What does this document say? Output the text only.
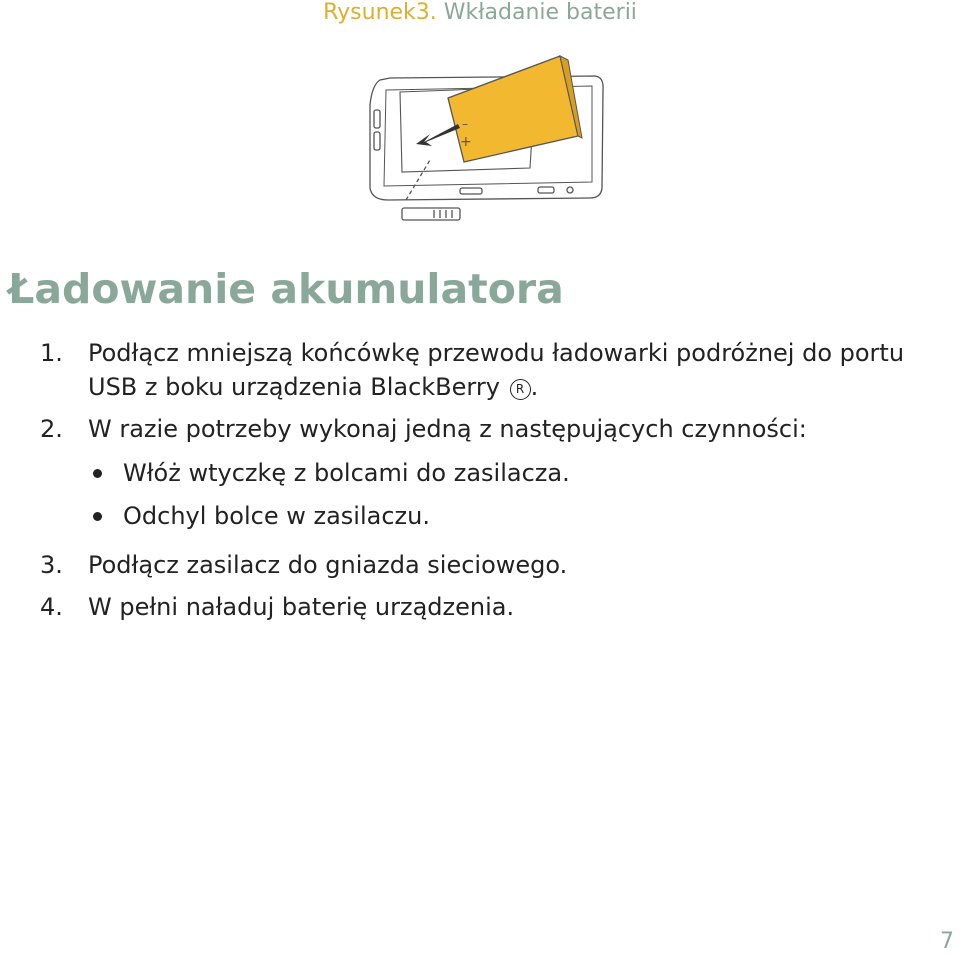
Rysunek3. Wkładanie baterii
–
+
Ładowanie akumulatora
1. Podłącz mniejszą końcówkę przewodu ładowarki podróżnej do portu USB z boku urządzenia BlackBerry R .
2. W razie potrzeby wykonaj jedną z następujących czynności:
Włóż wtyczkę z bolcami do zasilacza.
Odchyl bolce w zasilaczu.
3. Podłącz zasilacz do gniazda sieciowego.
4. W pełni naładuj baterię urządzenia.
7
